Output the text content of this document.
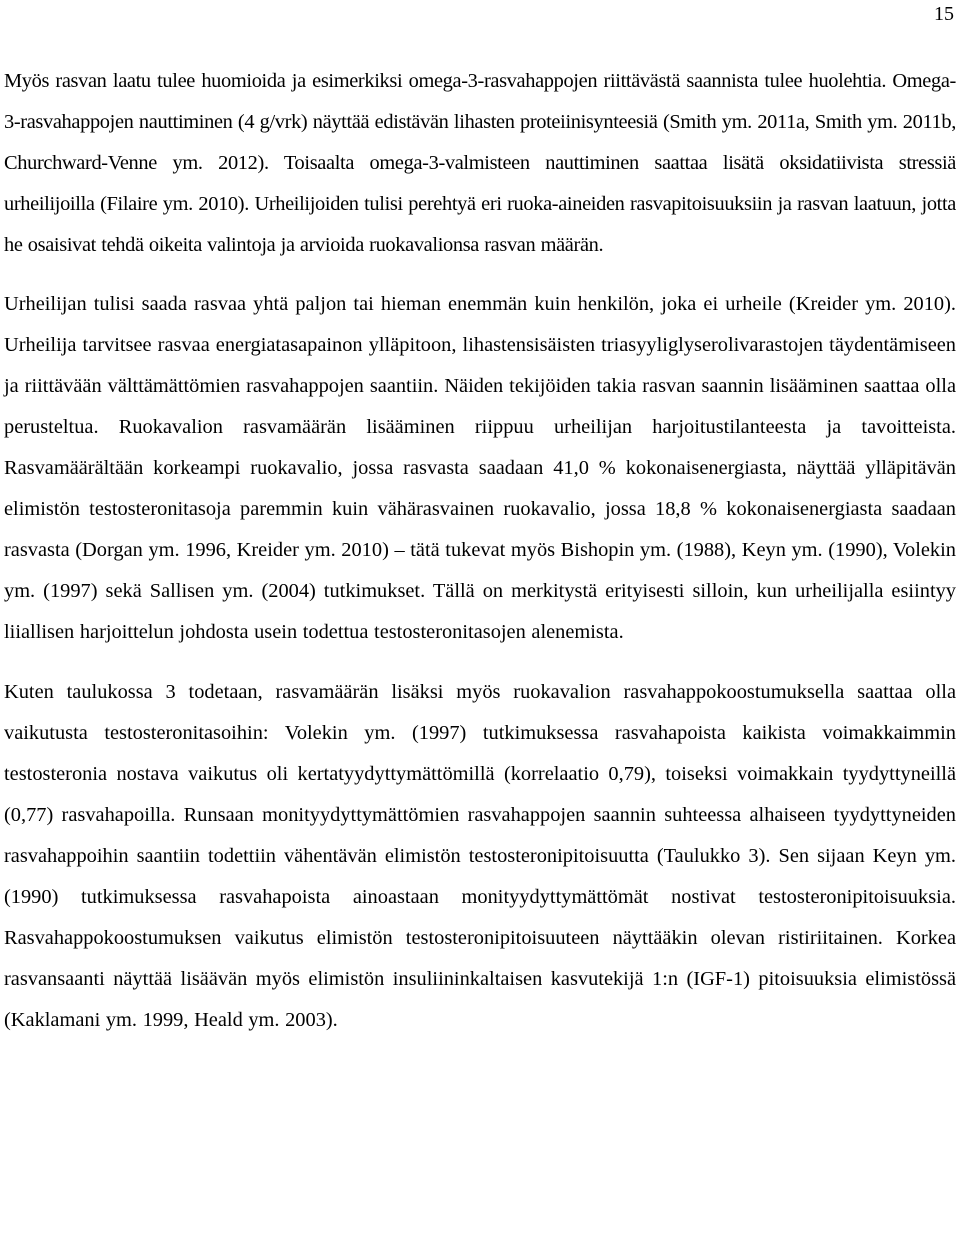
15

Myös rasvan laatu tulee huomioida ja esimerkiksi omega-3-rasvahappojen riittävästä saannista tulee huolehtia. Omega-3-rasvahappojen nauttiminen (4 g/vrk) näyttää edistävän lihasten proteiinisynteesiä (Smith ym. 2011a, Smith ym. 2011b, Churchward-Venne ym. 2012). Toisaalta omega-3-valmisteen nauttiminen saattaa lisätä oksidatiivista stressiä urheilijoilla (Filaire ym. 2010). Urheilijoiden tulisi perehtyä eri ruoka-aineiden rasvapitoisuuksiin ja rasvan laatuun, jotta he osaisivat tehdä oikeita valintoja ja arvioida ruokavalionsa rasvan määrän.

Urheilijan tulisi saada rasvaa yhtä paljon tai hieman enemmän kuin henkilön, joka ei urheile (Kreider ym. 2010). Urheilija tarvitsee rasvaa energiatasapainon ylläpitoon, lihastensisäisten triasyyliglyserolivarastojen täydentämiseen ja riittävään välttämättömien rasvahappojen saantiin. Näiden tekijöiden takia rasvan saannin lisääminen saattaa olla perusteltua. Ruokavalion rasvamäärän lisääminen riippuu urheilijan harjoitustilanteesta ja tavoitteista. Rasvamäärältään korkeampi ruokavalio, jossa rasvasta saadaan 41,0 % kokonaisenergiasta, näyttää ylläpitävän elimistön testosteronitasoja paremmin kuin vähärasvainen ruokavalio, jossa 18,8 % kokonaisenergiasta saadaan rasvasta (Dorgan ym. 1996, Kreider ym. 2010) – tätä tukevat myös Bishopin ym. (1988), Keyn ym. (1990), Volekin ym. (1997) sekä Sallisen ym. (2004) tutkimukset. Tällä on merkitystä erityisesti silloin, kun urheilijalla esiintyy liiallisen harjoittelun johdosta usein todettua testosteronitasojen alenemista.

Kuten taulukossa 3 todetaan, rasvamäärän lisäksi myös ruokavalion rasvahappokoostumuksella saattaa olla vaikutusta testosteronitasoihin: Volekin ym. (1997) tutkimuksessa rasvahapoista kaikista voimakkaimmin testosteronia nostava vaikutus oli kertatyydyttymättömillä (korrelaatio 0,79), toiseksi voimakkain tyydyttyneillä (0,77) rasvahapoilla. Runsaan monityydyttymättömien rasvahappojen saannin suhteessa alhaiseen tyydyttyneiden rasvahappoihin saantiin todettiin vähentävän elimistön testosteronipitoisuutta (Taulukko 3). Sen sijaan Keyn ym. (1990) tutkimuksessa rasvahapoista ainoastaan monityydyttymättömät nostivat testosteronipitoisuuksia. Rasvahappokoostumuksen vaikutus elimistön testosteronipitoisuuteen näyttääkin olevan ristiriitainen. Korkea rasvansaanti näyttää lisäävän myös elimistön insuliininkaltaisen kasvutekijä 1:n (IGF-1) pitoisuuksia elimistössä (Kaklamani ym. 1999, Heald ym. 2003).
